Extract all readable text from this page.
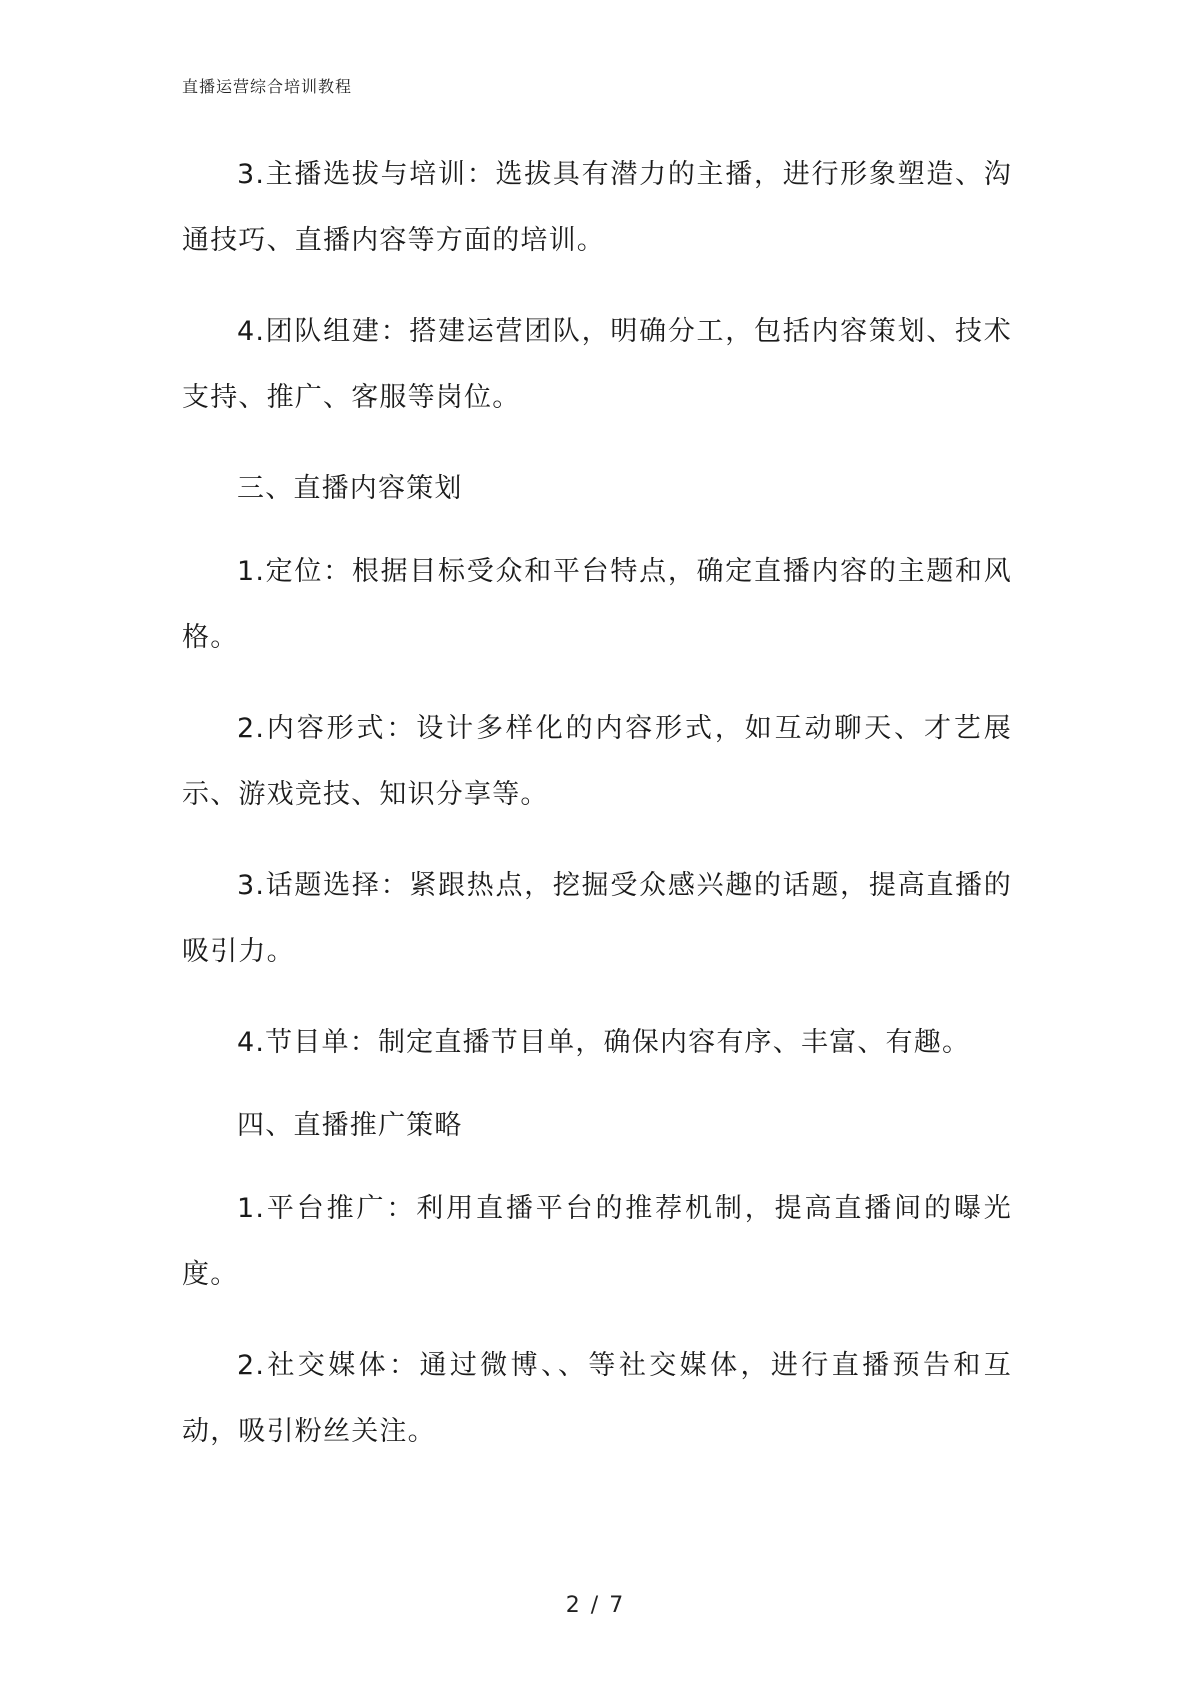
直播运营综合培训教程

3.主播选拔与培训：选拔具有潜力的主播，进行形象塑造、沟通技巧、直播内容等方面的培训。

4.团队组建：搭建运营团队，明确分工，包括内容策划、技术支持、推广、客服等岗位。

三、直播内容策划

1.定位：根据目标受众和平台特点，确定直播内容的主题和风格。

2.内容形式：设计多样化的内容形式，如互动聊天、才艺展示、游戏竞技、知识分享等。

3.话题选择：紧跟热点，挖掘受众感兴趣的话题，提高直播的吸引力。

4.节目单：制定直播节目单，确保内容有序、丰富、有趣。

四、直播推广策略

1.平台推广：利用直播平台的推荐机制，提高直播间的曝光度。

2.社交媒体：通过微博、、等社交媒体，进行直播预告和互动，吸引粉丝关注。

2 / 7
